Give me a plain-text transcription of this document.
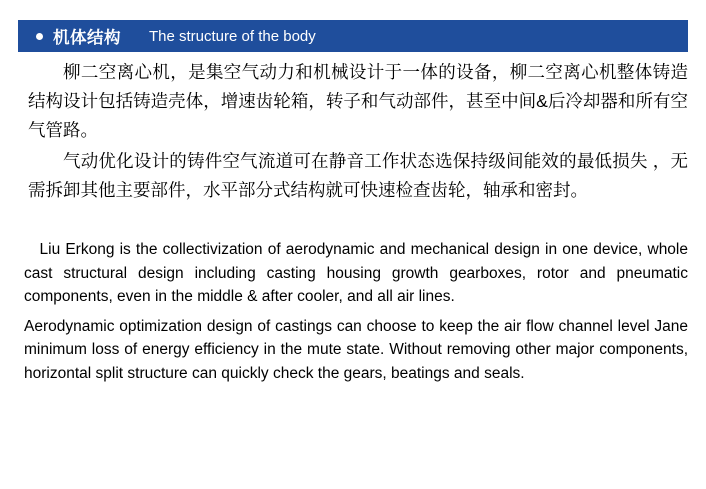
机体结构 The structure of the body

柳二空离心机，是集空气动力和机械设计于一体的设备，柳二空离心机整体铸造结构设计包括铸造壳体，增速齿轮箱，转子和气动部件，甚至中间&后冷却器和所有空气管路。

气动优化设计的铸件空气流道可在静音工作状态选保持级间能效的最低损失 ，无需拆卸其他主要部件，水平部分式结构就可快速检查齿轮，轴承和密封。

Liu Erkong is the collectivization of aerodynamic and mechanical design in one device, whole cast structural design including casting housing growth gearboxes, rotor and pneumatic components, even in the middle & after cooler, and all air lines.

Aerodynamic optimization design of castings can choose to keep the air flow channel level Jane minimum loss of energy efficiency in the mute state. Without removing other major components, horizontal split structure can quickly check the gears, beatings and seals.
